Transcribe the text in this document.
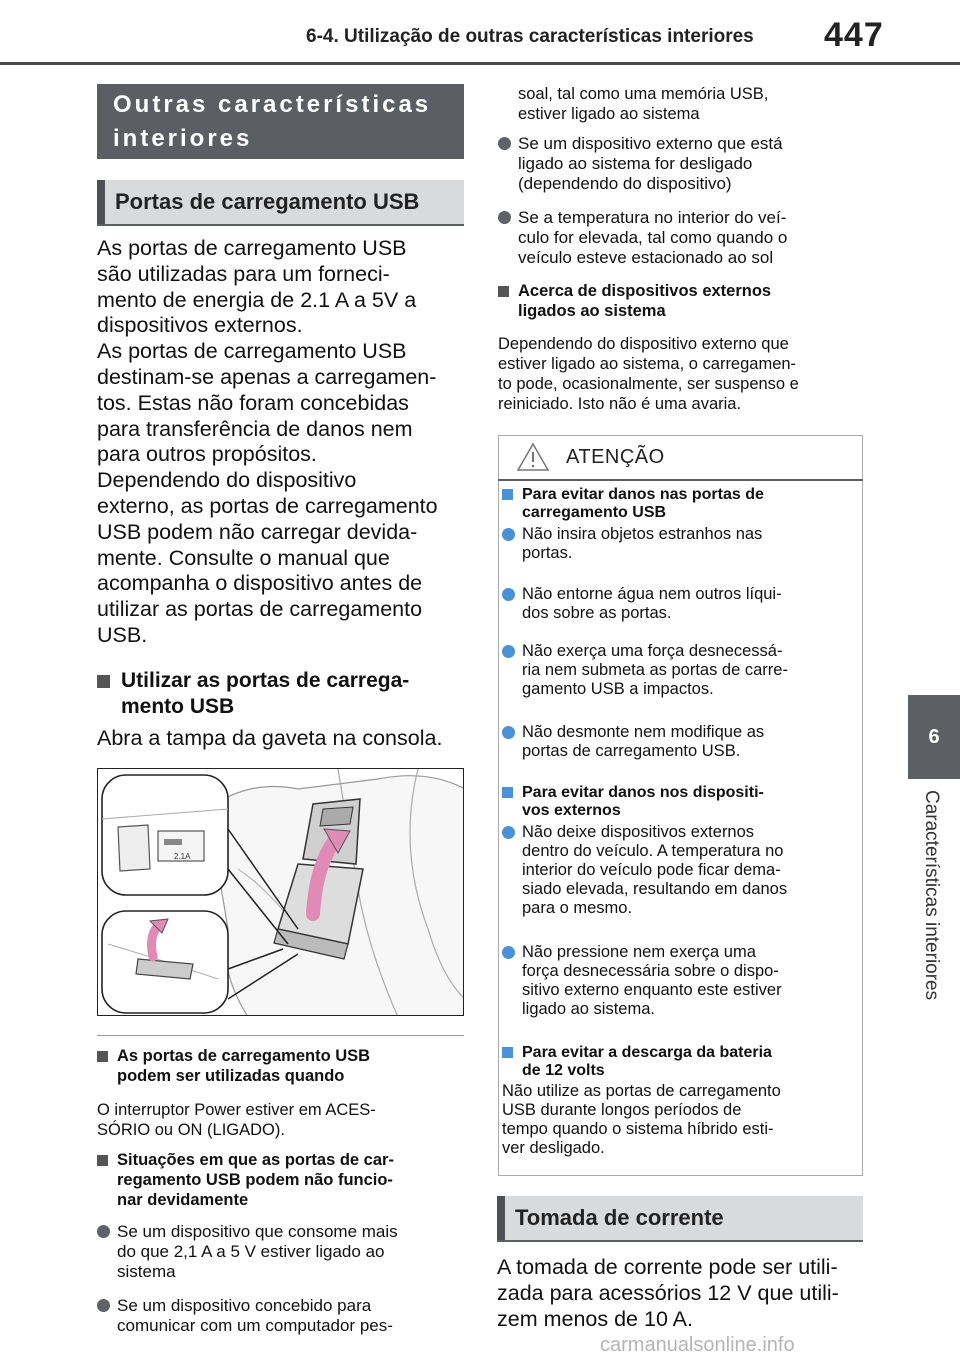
6-4. Utilização de outras características interiores 447
6
Características interiores
Outras características
interiores
Portas de carregamento USB
As portas de carregamento USB
são utilizadas para um forneci-
mento de energia de 2.1 A a 5V a
dispositivos externos.
As portas de carregamento USB
destinam-se apenas a carregamen-
tos. Estas não foram concebidas
para transferência de danos nem
para outros propósitos.
Dependendo do dispositivo
externo, as portas de carregamento
USB podem não carregar devida-
mente. Consulte o manual que
acompanha o dispositivo antes de
utilizar as portas de carregamento
USB.
Utilizar as portas de carrega-
mento USB
Abra a tampa da gaveta na consola.
2.1A
As portas de carregamento USB
podem ser utilizadas quando
O interruptor Power estiver em ACES-
SÓRIO ou ON (LIGADO).
Situações em que as portas de car-
regamento USB podem não funcio-
nar devidamente
Se um dispositivo que consome mais
do que 2,1 A a 5 V estiver ligado ao
sistema
Se um dispositivo concebido para
comunicar com um computador pes-
soal, tal como uma memória USB,
estiver ligado ao sistema
Se um dispositivo externo que está
ligado ao sistema for desligado
(dependendo do dispositivo)
Se a temperatura no interior do veí-
culo for elevada, tal como quando o
veículo esteve estacionado ao sol
Acerca de dispositivos externos
ligados ao sistema
Dependendo do dispositivo externo que
estiver ligado ao sistema, o carregamen-
to pode, ocasionalmente, ser suspenso e
reiniciado. Isto não é uma avaria.
ATENÇÃO
Para evitar danos nas portas de
carregamento USB
Não insira objetos estranhos nas
portas.
Não entorne água nem outros líqui-
dos sobre as portas.
Não exerça uma força desnecessá-
ria nem submeta as portas de carre-
gamento USB a impactos.
Não desmonte nem modifique as
portas de carregamento USB.
Para evitar danos nos dispositi-
vos externos
Não deixe dispositivos externos
dentro do veículo. A temperatura no
interior do veículo pode ficar dema-
siado elevada, resultando em danos
para o mesmo.
Não pressione nem exerça uma
força desnecessária sobre o dispo-
sitivo externo enquanto este estiver
ligado ao sistema.
Para evitar a descarga da bateria
de 12 volts
Não utilize as portas de carregamento
USB durante longos períodos de
tempo quando o sistema híbrido esti-
ver desligado.
Tomada de corrente
A tomada de corrente pode ser utili-
zada para acessórios 12 V que utili-
zem menos de 10 A.
carmanualsonline.info
